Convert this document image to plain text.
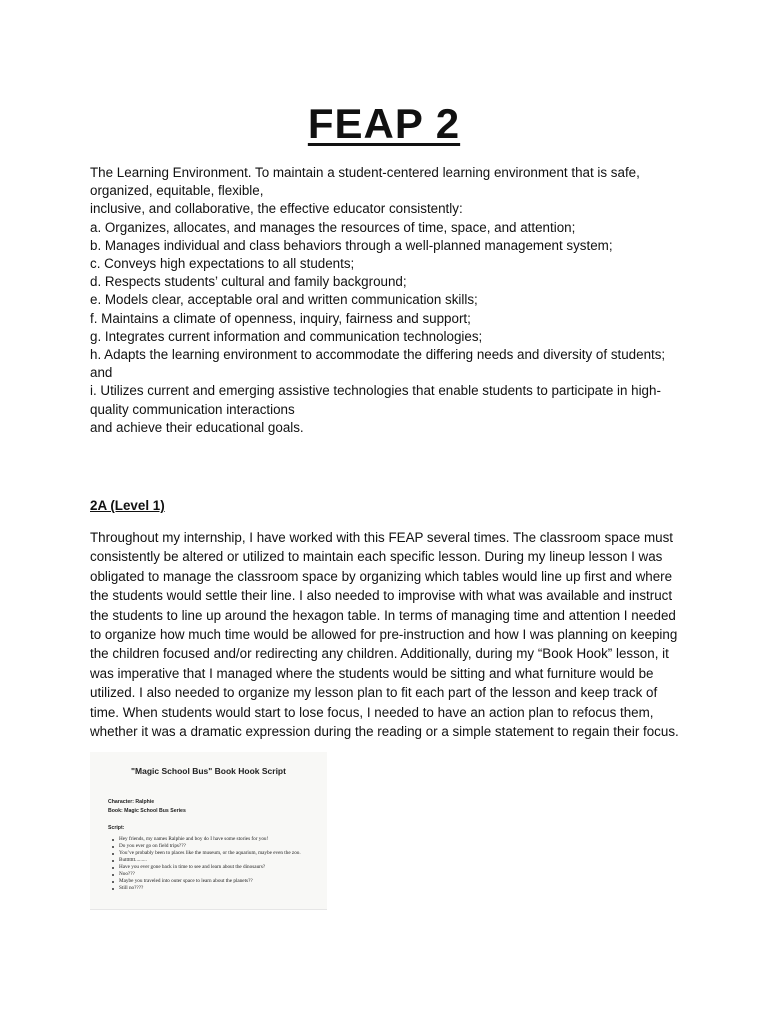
FEAP 2
The Learning Environment. To maintain a student-centered learning environment that is safe,
organized, equitable, flexible,
inclusive, and collaborative, the effective educator consistently:
a. Organizes, allocates, and manages the resources of time, space, and attention;
b. Manages individual and class behaviors through a well-planned management system;
c. Conveys high expectations to all students;
d. Respects students’ cultural and family background;
e. Models clear, acceptable oral and written communication skills;
f. Maintains a climate of openness, inquiry, fairness and support;
g. Integrates current information and communication technologies;
h. Adapts the learning environment to accommodate the differing needs and diversity of students;
and
i. Utilizes current and emerging assistive technologies that enable students to participate in high-
quality communication interactions
and achieve their educational goals.
2A (Level 1)
Throughout my internship, I have worked with this FEAP several times. The classroom space must
consistently be altered or utilized to maintain each specific lesson. During my lineup lesson I was
obligated to manage the classroom space by organizing which tables would line up first and where
the students would settle their line. I also needed to improvise with what was available and instruct
the students to line up around the hexagon table. In terms of managing time and attention I needed
to organize how much time would be allowed for pre-instruction and how I was planning on keeping
the children focused and/or redirecting any children. Additionally, during my “Book Hook” lesson, it
was imperative that I managed where the students would be sitting and what furniture would be
utilized. I also needed to organize my lesson plan to fit each part of the lesson and keep track of
time. When students would start to lose focus, I needed to have an action plan to refocus them,
whether it was a dramatic expression during the reading or a simple statement to regain their focus.
"Magic School Bus" Book Hook Script
Character: Ralphie
Book: Magic School Bus Series
Script:
Hey friends, my names Ralphie and boy do I have some stories for you!
Do you ever go on field trips???
You’ve probably been to places like the museum, or the aquarium, maybe even the zoo.
Buttttttt.........
Have you ever gone back in time to see and learn about the dinosaurs?
Noo???
Maybe you traveled into outer space to learn about the planets??
Still no????
